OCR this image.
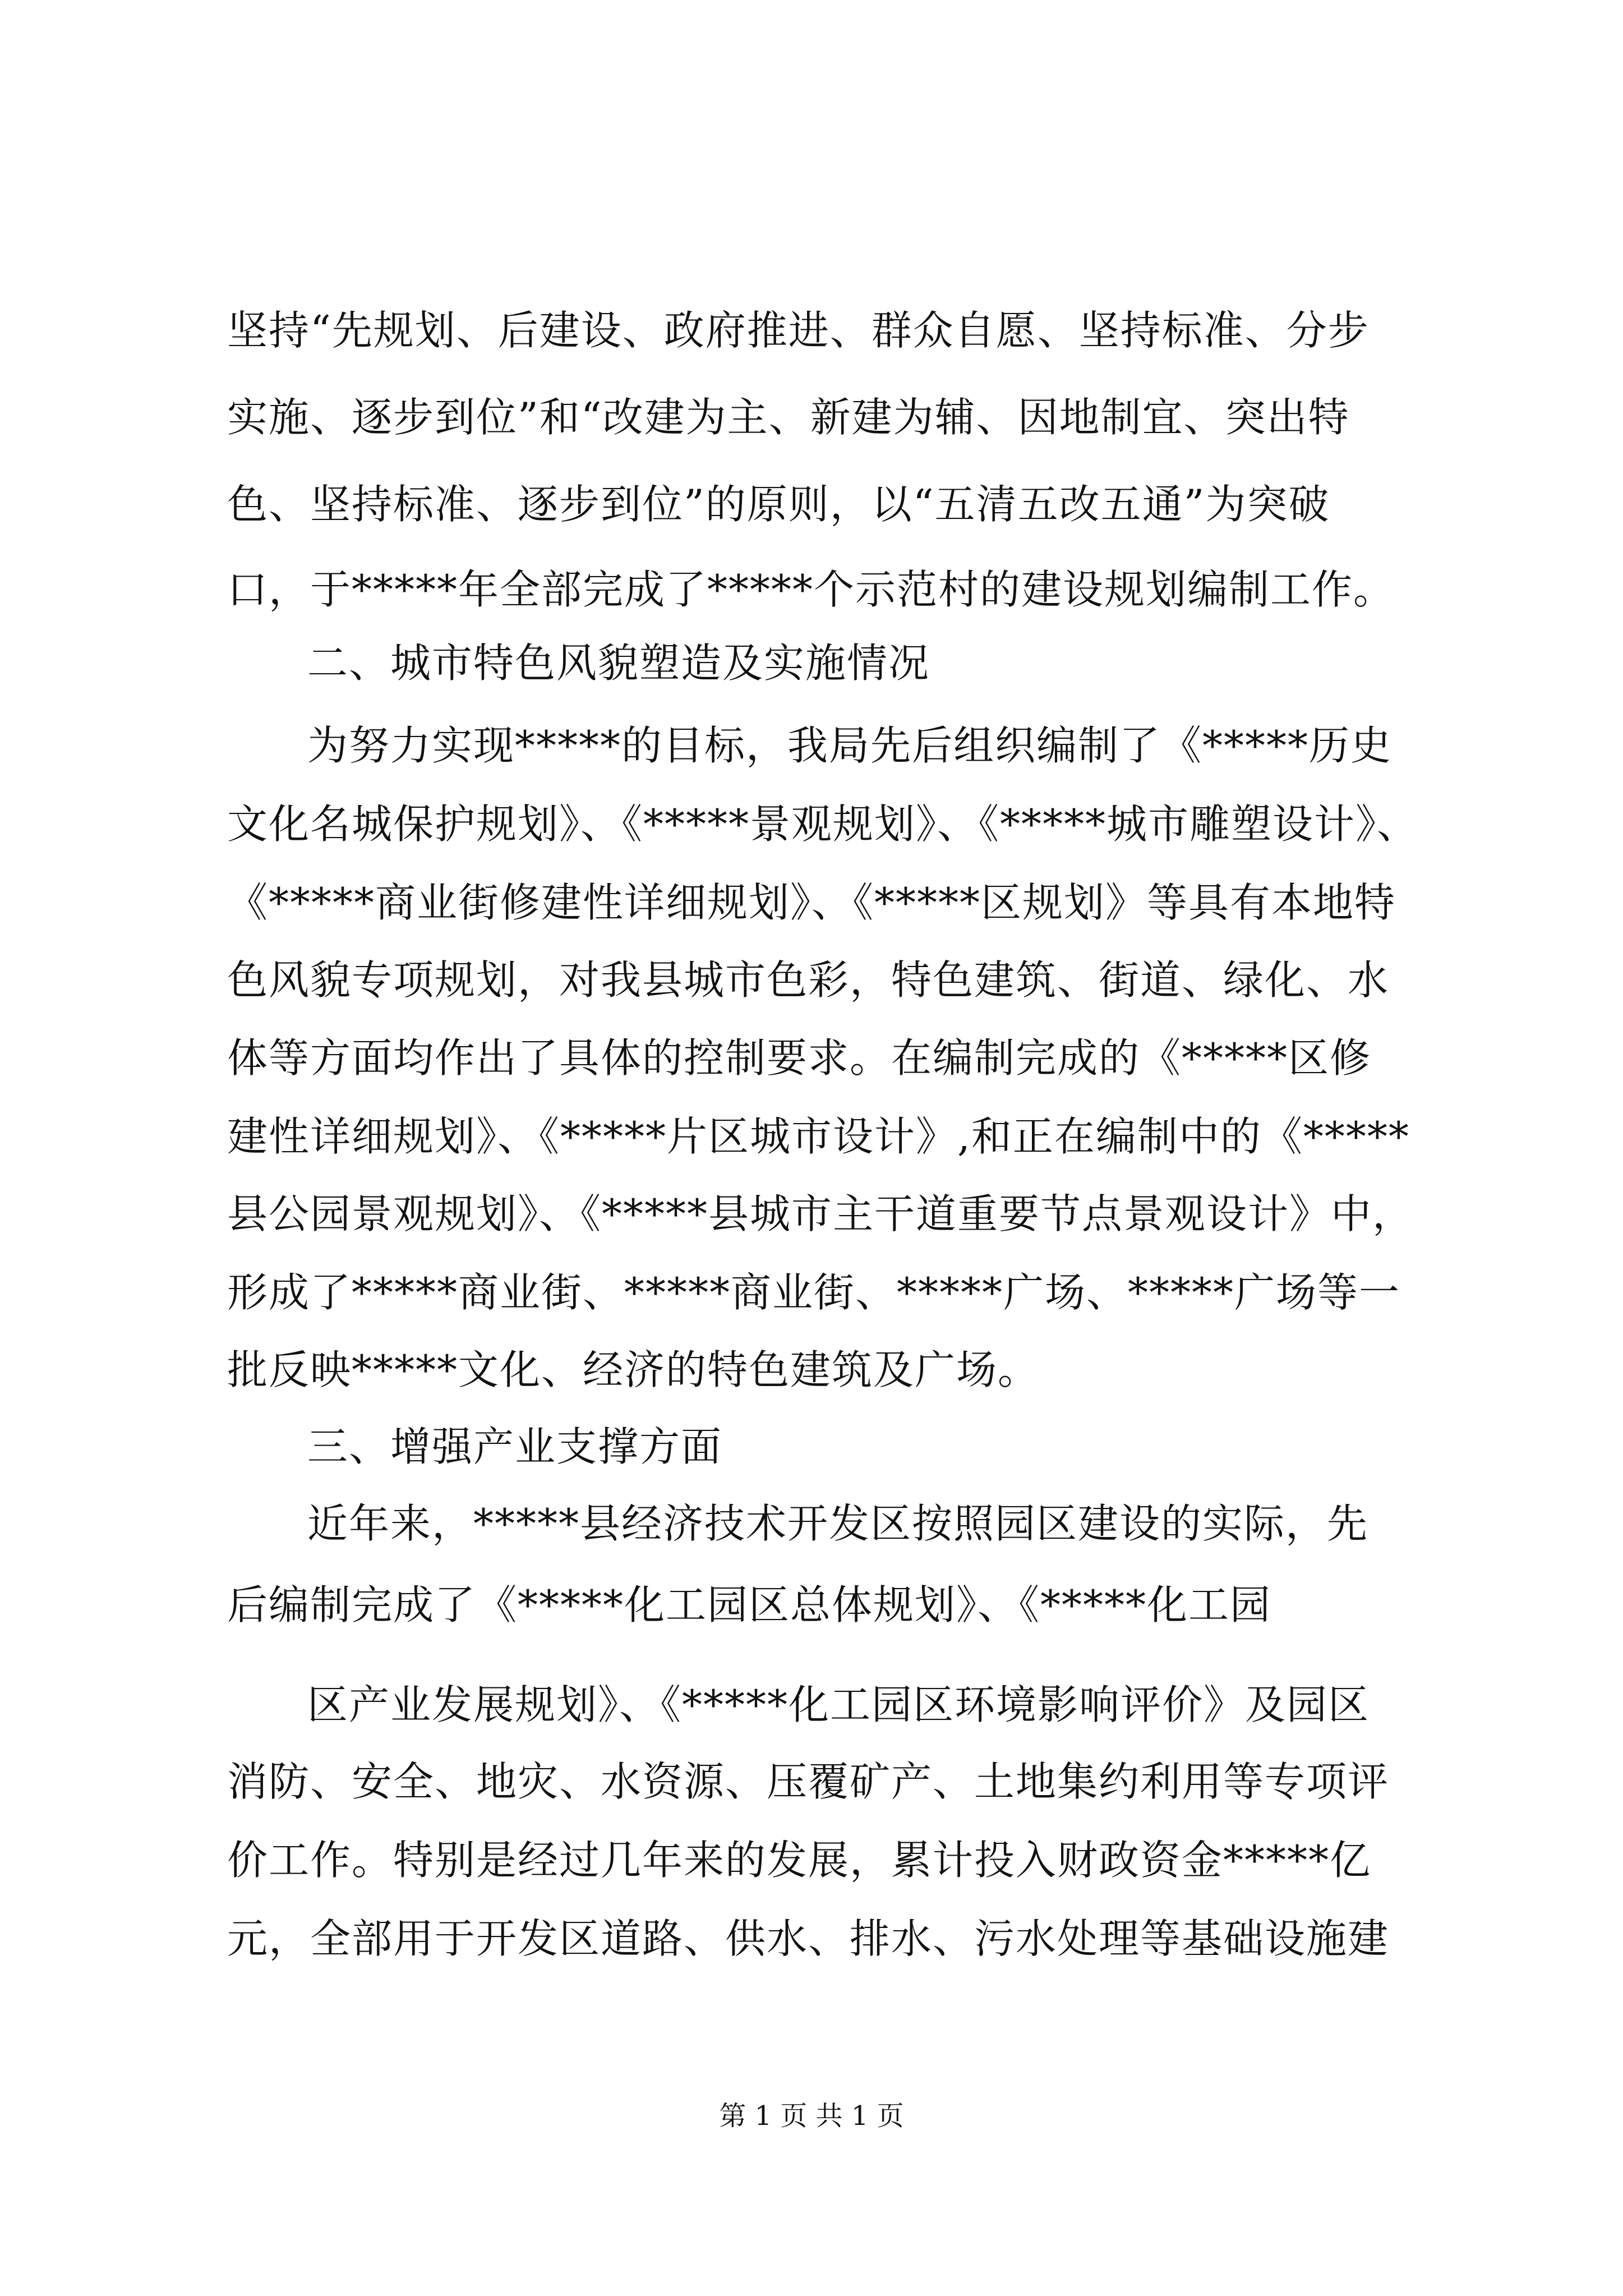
坚持“先规划、后建设、政府推进、群众自愿、坚持标准、分步
实施、逐步到位”和“改建为主、新建为辅、因地制宜、突出特
色、坚持标准、逐步到位”的原则，以“五清五改五通”为突破
口，于*****年全部完成了*****个示范村的建设规划编制工作。
二、城市特色风貌塑造及实施情况
为努力实现*****的目标，我局先后组织编制了《*****历史
文化名城保护规划》、《*****景观规划》、《*****城市雕塑设计》、
《*****商业街修建性详细规划》、《*****区规划》等具有本地特
色风貌专项规划，对我县城市色彩，特色建筑、街道、绿化、水
体等方面均作出了具体的控制要求。在编制完成的《*****区修
建性详细规划》、《*****片区城市设计》,和正在编制中的《*****
县公园景观规划》、《*****县城市主干道重要节点景观设计》中，
形成了*****商业街、*****商业街、*****广场、*****广场等一
批反映*****文化、经济的特色建筑及广场。
三、增强产业支撑方面
近年来，*****县经济技术开发区按照园区建设的实际，先
后编制完成了《*****化工园区总体规划》、《*****化工园
区产业发展规划》、《*****化工园区环境影响评价》及园区
消防、安全、地灾、水资源、压覆矿产、土地集约利用等专项评
价工作。特别是经过几年来的发展，累计投入财政资金*****亿
元，全部用于开发区道路、供水、排水、污水处理等基础设施建
第 1 页 共 1 页
